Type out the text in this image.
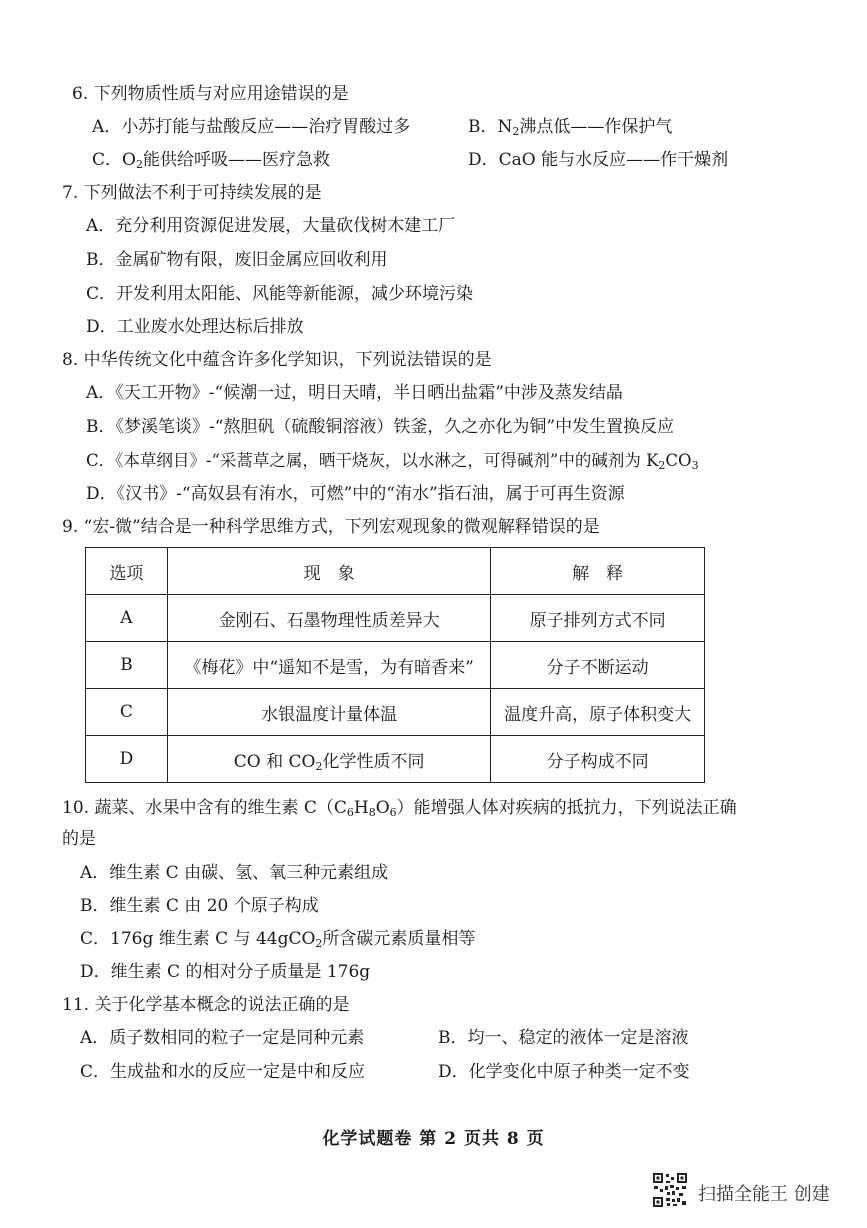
6. 下列物质性质与对应用途错误的是
A．小苏打能与盐酸反应——治疗胃酸过多	B．$N_2$沸点低——作保护气
C．$O_2$能供给呼吸——医疗急救	D．CaO 能与水反应——作干燥剂
7. 下列做法不利于可持续发展的是
A．充分利用资源促进发展，大量砍伐树木建工厂
B．金属矿物有限，废旧金属应回收利用
C．开发利用太阳能、风能等新能源，减少环境污染
D．工业废水处理达标后排放
8. 中华传统文化中蕴含许多化学知识，下列说法错误的是
A．《天工开物》-“候潮一过，明日天晴，半日晒出盐霜”中涉及蒸发结晶
B．《梦溪笔谈》-“熬胆矾（硫酸铜溶液）铁釜，久之亦化为铜”中发生置换反应
C．《本草纲目》-“采蒿草之属，晒干烧灰，以水淋之，可得碱剂”中的碱剂为 $K_2CO_3$
D．《汉书》-“高奴县有洧水，可燃”中的“洧水”指石油，属于可再生资源
9. “宏-微”结合是一种科学思维方式，下列宏观现象的微观解释错误的是
选项	现　象	解　释
A	金刚石、石墨物理性质差异大	原子排列方式不同
B	《梅花》中“遥知不是雪，为有暗香来”	分子不断运动
C	水银温度计量体温	温度升高，原子体积变大
D	CO 和 $CO_2$化学性质不同	分子构成不同
10. 蔬菜、水果中含有的维生素 $C(C_6H_8O_6)$能增强人体对疾病的抵抗力，下列说法正确
的是
A．维生素 C 由碳、氢、氧三种元素组成
B．维生素 C 由 20 个原子构成
C．176g 维生素 C 与 44gCO$_2$所含碳元素质量相等
D．维生素 C 的相对分子质量是 176g
11. 关于化学基本概念的说法正确的是
A．质子数相同的粒子一定是同种元素	B．均一、稳定的液体一定是溶液
C．生成盐和水的反应一定是中和反应	D．化学变化中原子种类一定不变
化学试题卷 第 2 页共 8 页
扫描全能王 创建
